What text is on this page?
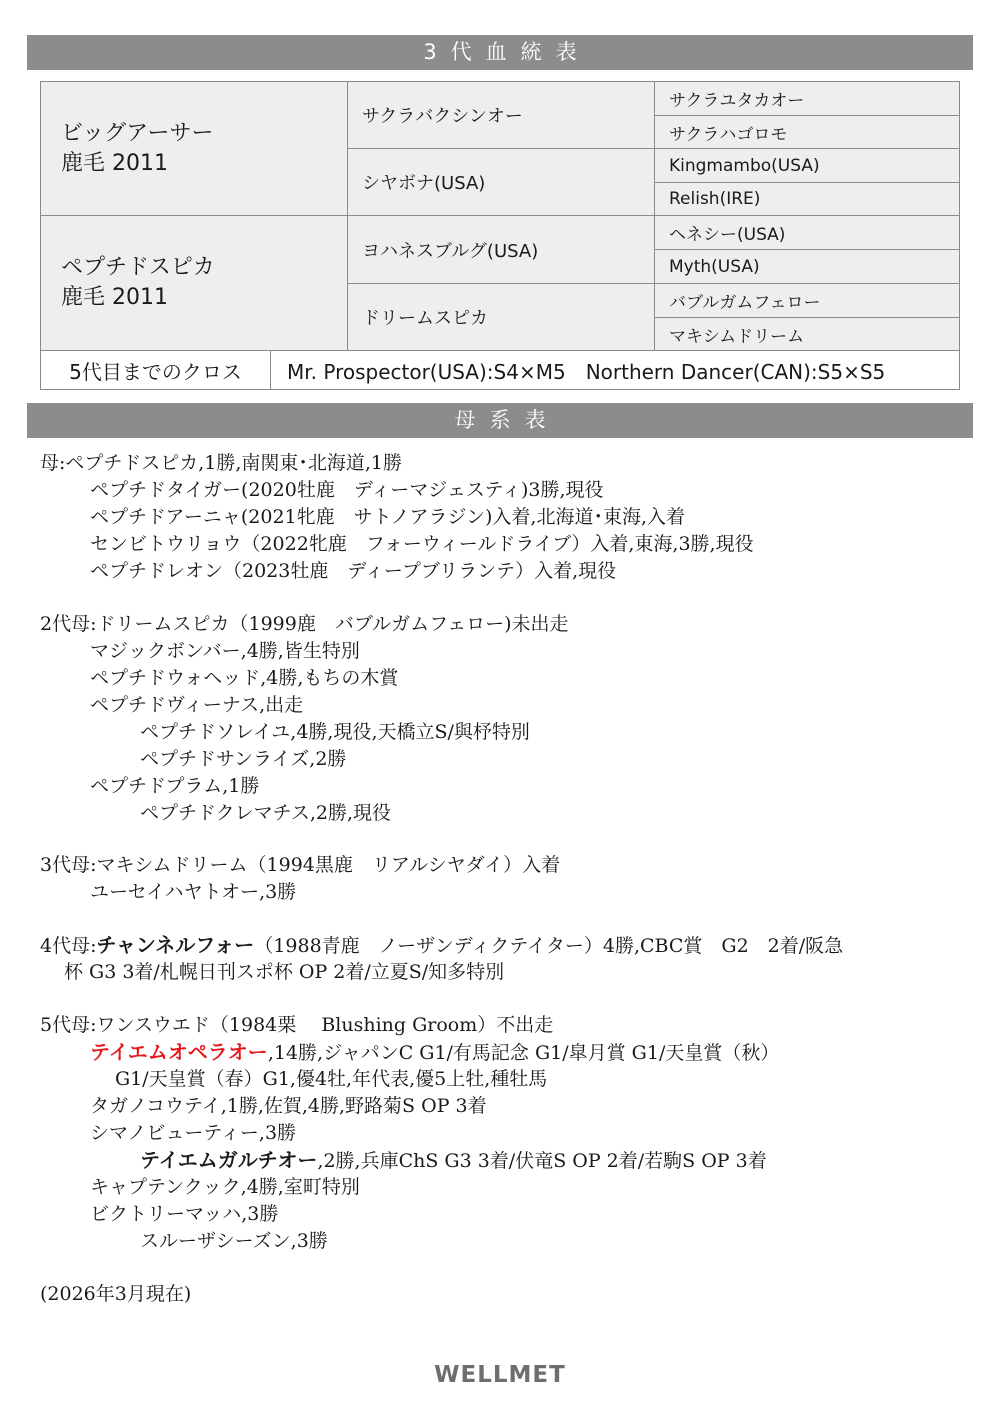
3代血統表
ビッグアーサー
鹿毛 2011
ペプチドスピカ
鹿毛 2011
サクラバクシンオー
シヤボナ(USA)
ヨハネスブルグ(USA)
ドリームスピカ
サクラユタカオー
サクラハゴロモ
Kingmambo(USA)
Relish(IRE)
ヘネシー(USA)
Myth(USA)
バブルガムフェロー
マキシムドリーム
5代目までのクロス	Mr. Prospector(USA):S4×M5　Northern Dancer(CAN):S5×S5
母系表
母:ペプチドスピカ,1勝,南関東･北海道,1勝
ペプチドタイガー(2020牡鹿　ディーマジェスティ)3勝,現役
ペプチドアーニャ(2021牝鹿　サトノアラジン)入着,北海道･東海,入着
センビトウリョウ（2022牝鹿　フォーウィールドライブ）入着,東海,3勝,現役
ペプチドレオン（2023牡鹿　ディープブリランテ）入着,現役
2代母:ドリームスピカ（1999鹿　バブルガムフェロー)未出走
マジックボンバー,4勝,皆生特別
ペプチドウォヘッド,4勝,もちの木賞
ペプチドヴィーナス,出走
ペプチドソレイユ,4勝,現役,天橋立S/與杼特別
ペプチドサンライズ,2勝
ペプチドプラム,1勝
ペプチドクレマチス,2勝,現役
3代母:マキシムドリーム（1994黒鹿　リアルシヤダイ）入着
ユーセイハヤトオー,3勝
4代母:チャンネルフォー（1988青鹿　ノーザンディクテイター）4勝,CBC賞　G2　2着/阪急
杯 G3 3着/札幌日刊スポ杯 OP 2着/立夏S/知多特別
5代母:ワンスウエド（1984栗　 Blushing Groom）不出走
テイエムオペラオー,14勝,ジャパンC G1/有馬記念 G1/皐月賞 G1/天皇賞（秋）
G1/天皇賞（春）G1,優4牡,年代表,優5上牡,種牡馬
タガノコウテイ,1勝,佐賀,4勝,野路菊S OP 3着
シマノビューティー,3勝
テイエムガルチオー,2勝,兵庫ChS G3 3着/伏竜S OP 2着/若駒S OP 3着
キャプテンクック,4勝,室町特別
ビクトリーマッハ,3勝
スルーザシーズン,3勝
(2026年3月現在)
WELLMET
